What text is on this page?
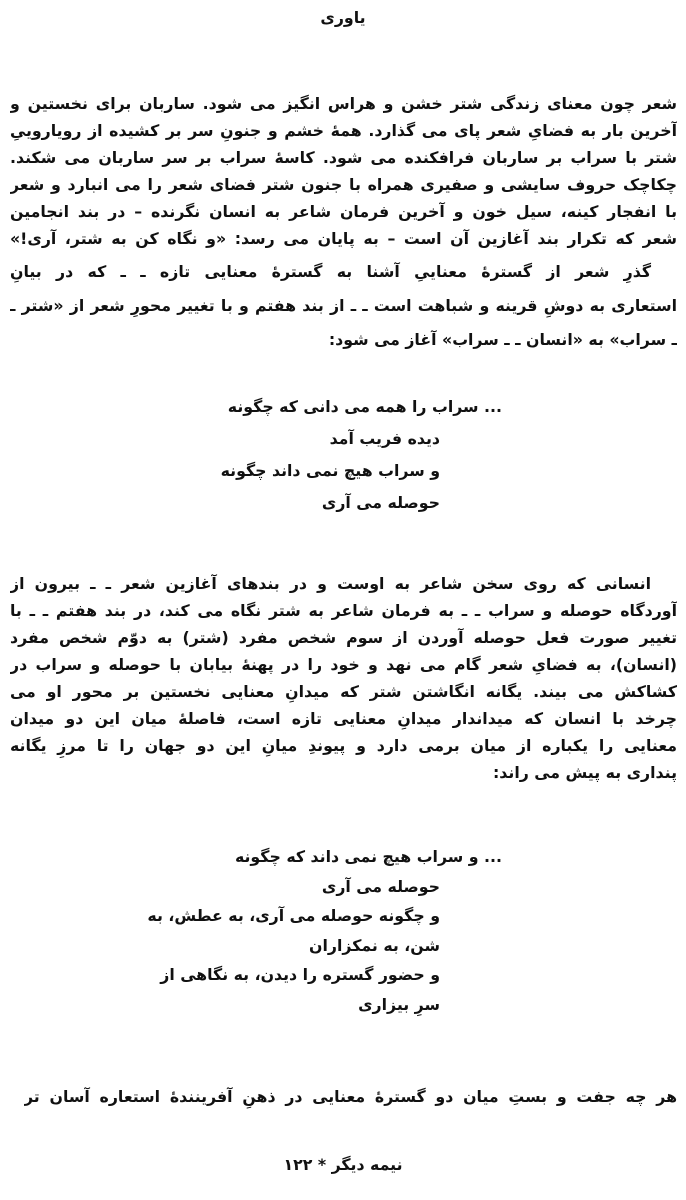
یاوری
شعر چون معنای زندگی شتر خشن و هراس انگیز می شود. ساربان برای نخستین و
آخرین بار به فضایِ شعر پای می گذارد. همهٔ خشم و جنونِ سر بر کشیده از رویاروییِ
شتر با سراب بر ساربان فرافکنده می شود. کاسهٔ سراب بر سر ساربان می شکند.
چکاچک حروف سایشی و صفیری همراه با جنون شتر فضای شعر را می انبارد و شعر
با انفجار کینه، سیل خون و آخرین فرمان شاعر به انسان نگرنده – در بند انجامین
شعر که تکرار بند آغازین آن است – به پایان می رسد: «و نگاه کن به شتر، آری!»
گذرِ شعر از گسترهٔ معناییِ آشنا به گسترهٔ معنایی تازه ـ ـ که در بیانِ
استعاری به دوشِ قرینه و شباهت است ـ ـ از بند هفتم و با تغییر محورِ شعر از «شتر ـ
ـ سراب» به «انسان ـ ـ سراب» آغاز می شود:
... سراب را همه می دانی که چگونه
دیده فریب آمد
و سراب هیچ نمی داند چگونه
حوصله می آری
انسانی که روی سخن شاعر به اوست و در بندهای آغازین شعر ـ ـ بیرون از
آوردگاه حوصله و سراب ـ ـ به فرمان شاعر به شتر نگاه می کند، در بند هفتم ـ ـ با
تغییر صورت فعل حوصله آوردن از سوم شخص مفرد (شتر) به دوّم شخص مفرد
(انسان)، به فضایِ شعر گام می نهد و خود را در پهنهٔ بیابان با حوصله و سراب در
کشاکش می بیند. یگانه انگاشتن شتر که میدانِ معنایی نخستین بر محور او می
چرخد با انسان که میداندار میدانِ معنایی تازه است، فاصلهٔ میان این دو میدان
معنایی را یکباره از میان برمی دارد و پیوندِ میانِ این دو جهان را تا مرزِ یگانه
پنداری به پیش می راند:
... و سراب هیچ نمی داند که چگونه
حوصله می آری
و چگونه حوصله می آری، به عطش، به
شن، به نمکزاران
و حضور گستره را دیدن، به نگاهی از
سرِ بیزاری
هر چه جفت و بستِ میان دو گسترهٔ معنایی در ذهنِ آفرینندهٔ استعاره آسان تر
نیمه دیگر * ۱۲۲
